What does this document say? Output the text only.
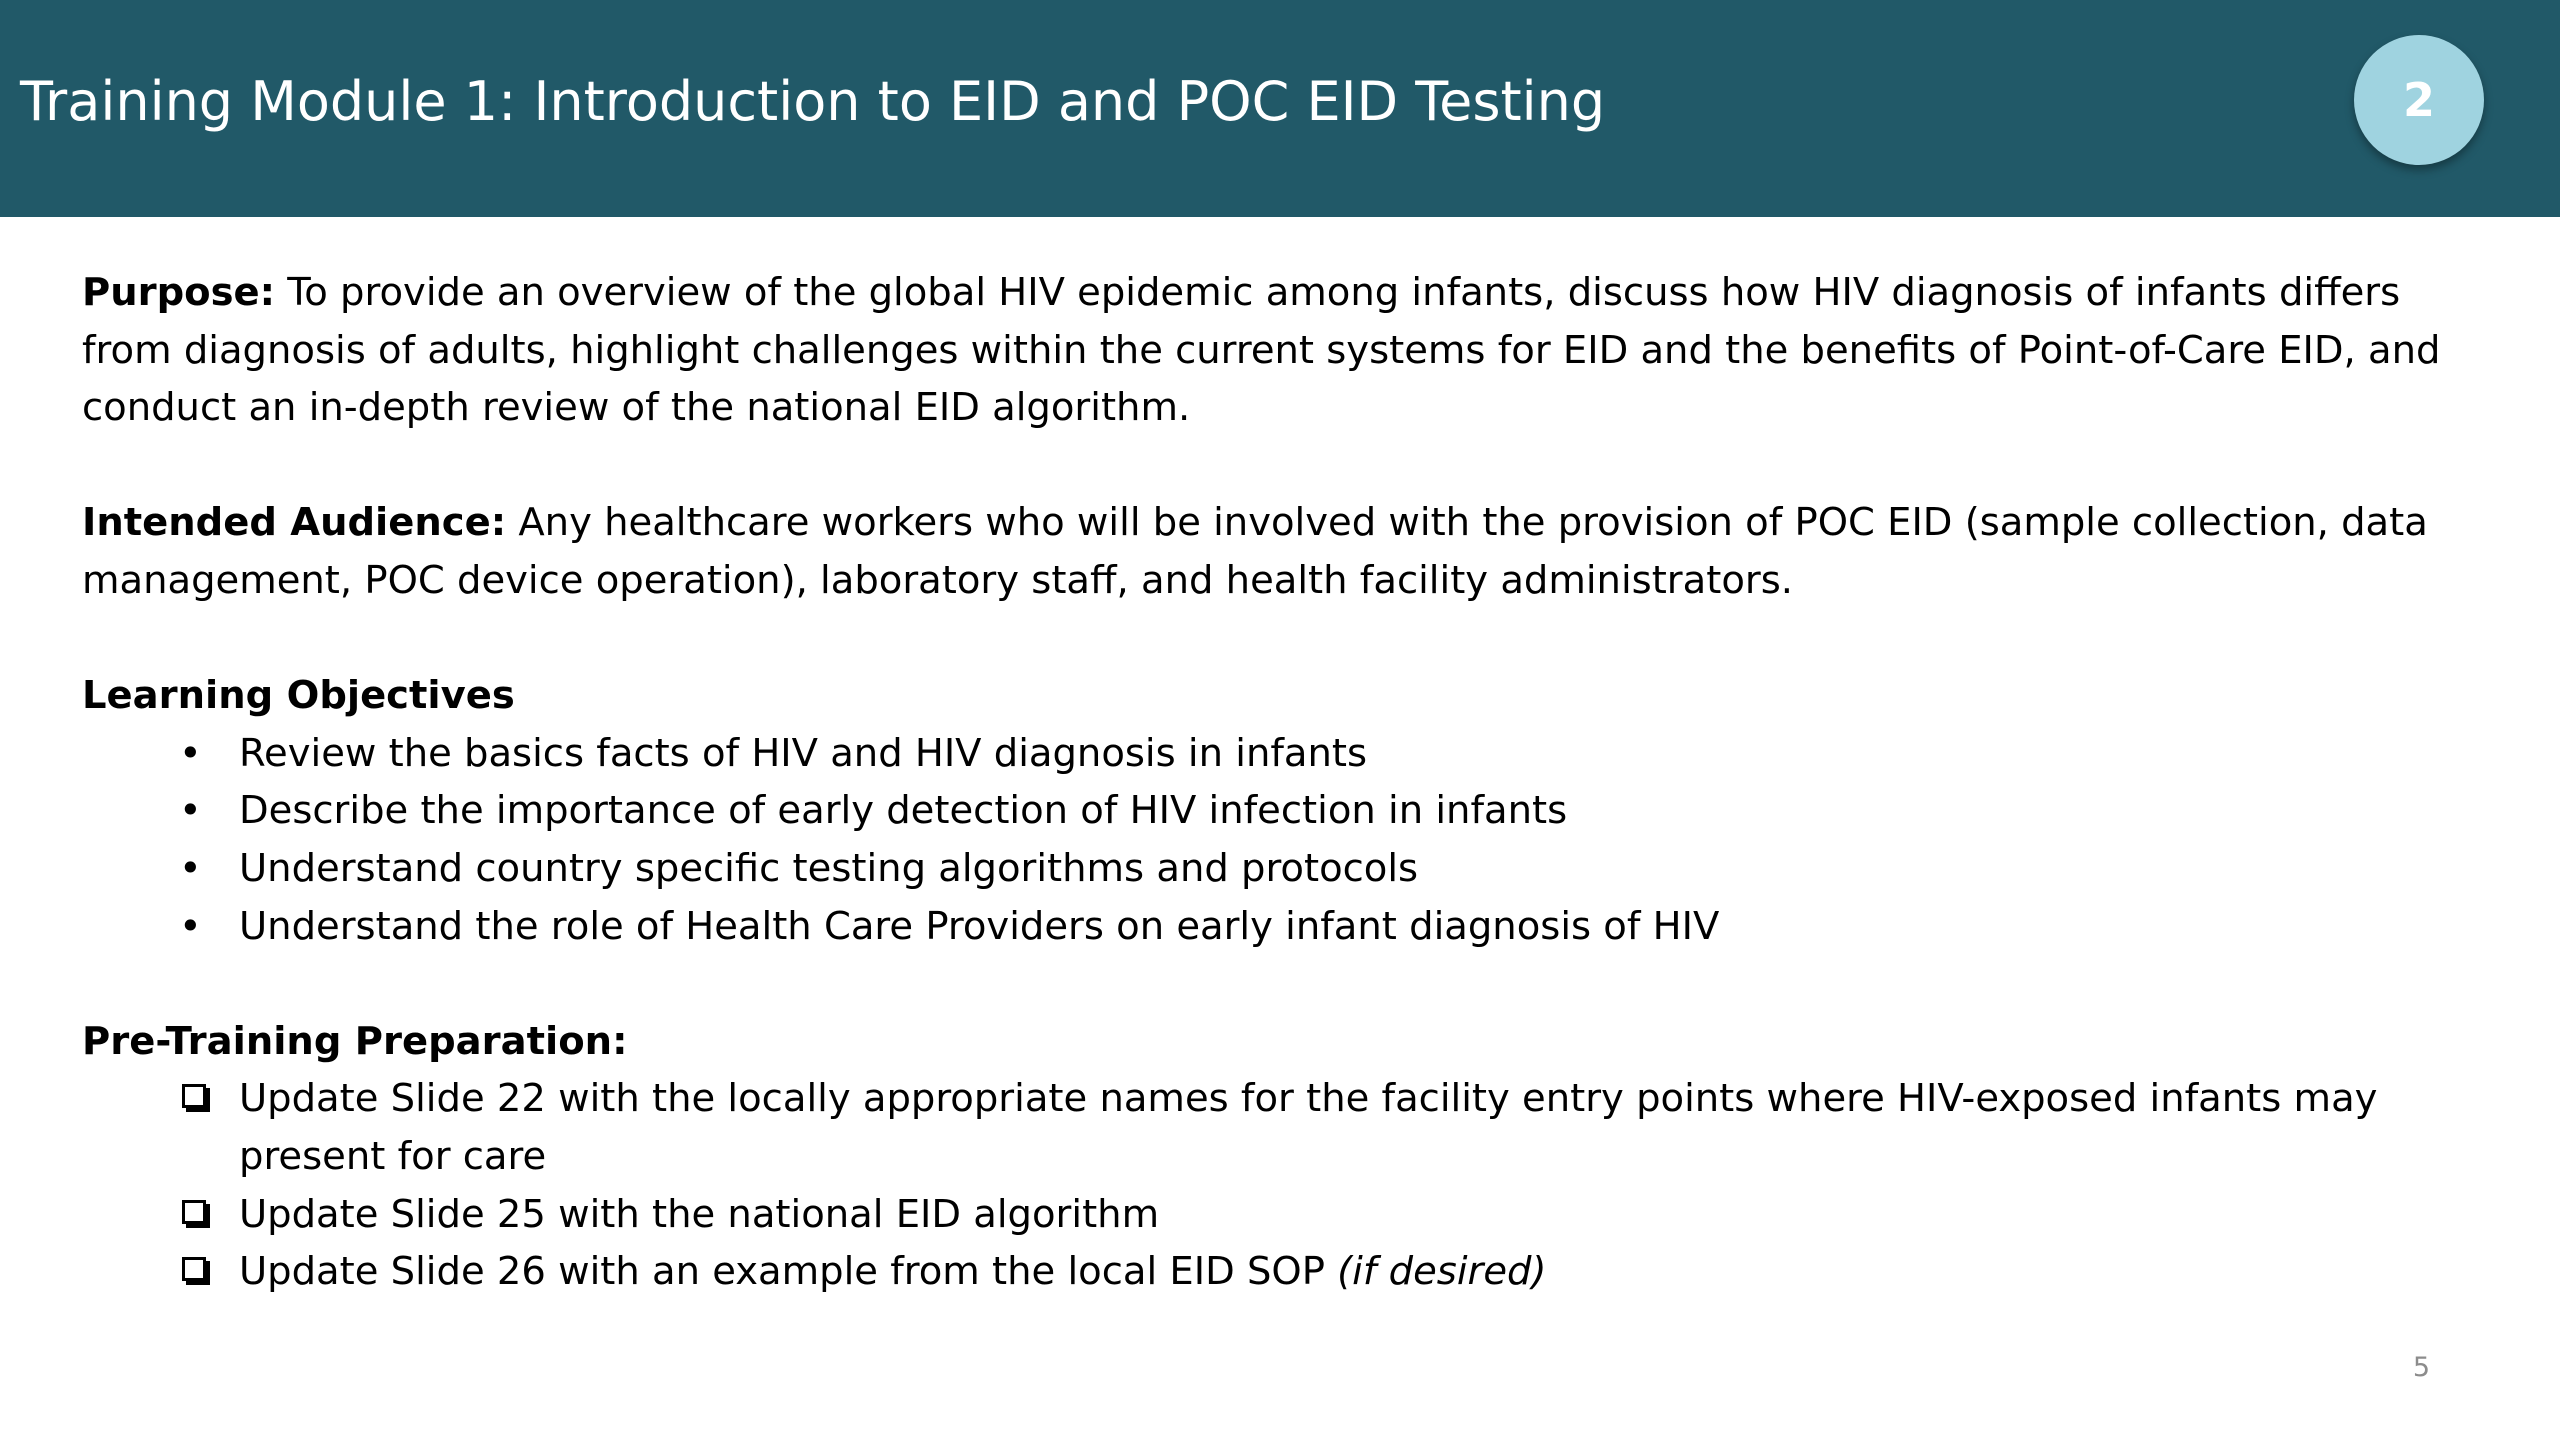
Training Module 1: Introduction to EID and POC EID Testing	2

Purpose: To provide an overview of the global HIV epidemic among infants, discuss how HIV diagnosis of infants differs from diagnosis of adults, highlight challenges within the current systems for EID and the benefits of Point-of-Care EID, and conduct an in-depth review of the national EID algorithm.

Intended Audience: Any healthcare workers who will be involved with the provision of POC EID (sample collection, data management, POC device operation), laboratory staff, and health facility administrators.

Learning Objectives
• Review the basics facts of HIV and HIV diagnosis in infants
• Describe the importance of early detection of HIV infection in infants
• Understand country specific testing algorithms and protocols
• Understand the role of Health Care Providers on early infant diagnosis of HIV
Pre-Training Preparation:
Update Slide 22 with the locally appropriate names for the facility entry points where HIV-exposed infants may present for care
Update Slide 25 with the national EID algorithm
Update Slide 26 with an example from the local EID SOP (if desired)
5
